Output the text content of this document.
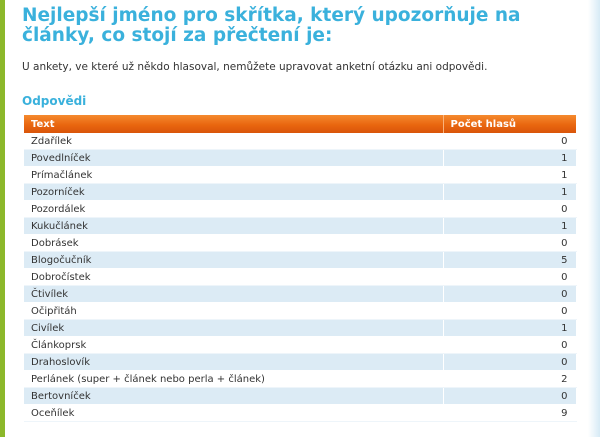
Nejlepší jméno pro skřítka, který upozorňuje na články, co stojí za přečtení je:
U ankety, ve které už někdo hlasoval, nemůžete upravovat anketní otázku ani odpovědi.
Odpovědi
Text	Počet hlasů
Zdařílek	0
Povedlníček	1
Prímačlánek	1
Pozorníček	1
Pozordálek	0
Kukučlánek	1
Dobrásek	0
Blogočučník	5
Dobročístek	0
Čtivílek	0
Očipřitáh	0
Civílek	1
Článkoprsk	0
Drahoslovík	0
Perlánek (super + článek nebo perla + článek)	2
Bertovníček	0
Oceňílek	9
